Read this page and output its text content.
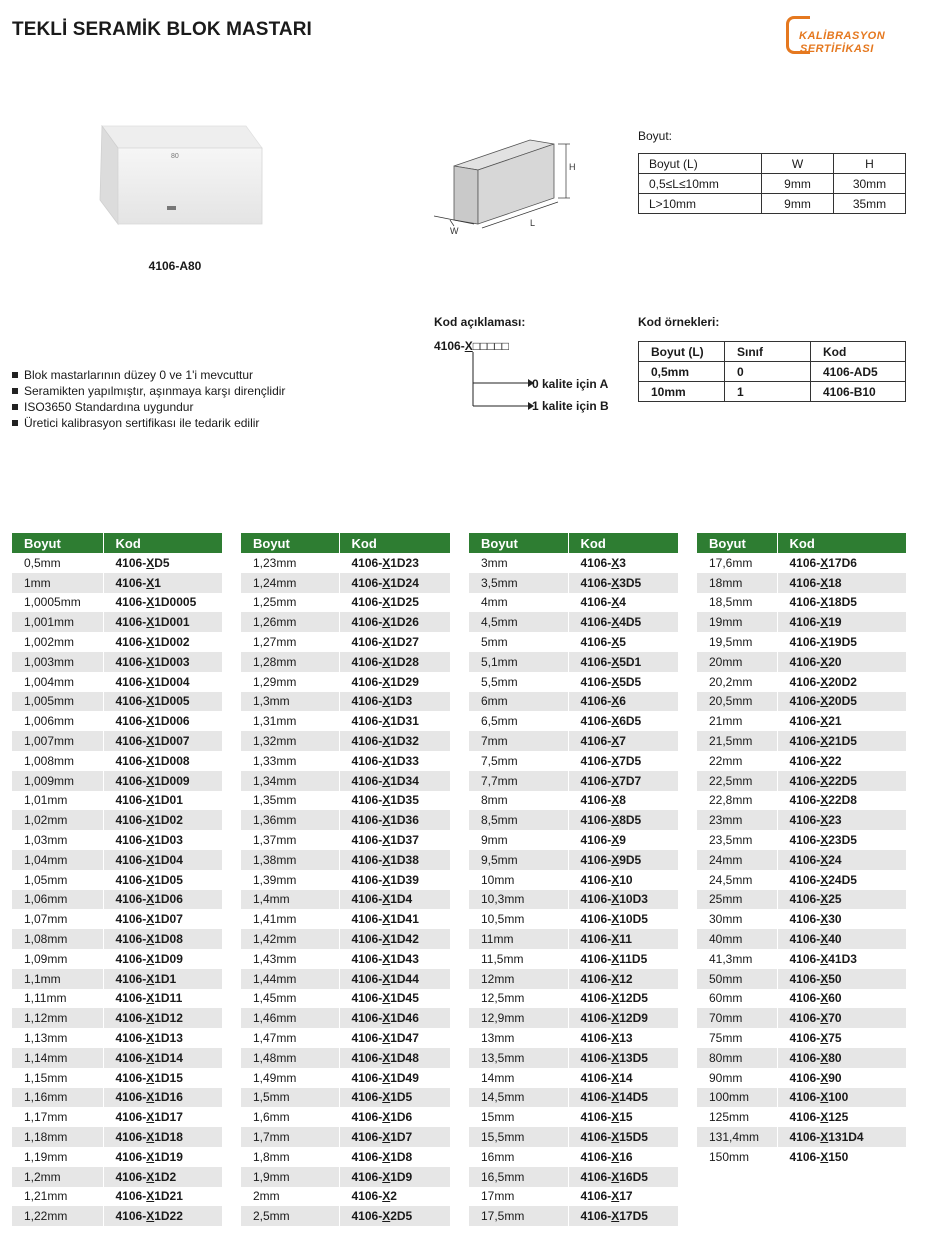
TEKLİ SERAMİK BLOK MASTARI	KALİBRASYON
SERTİFİKASI
80
4106-A80
H
L
W
Boyut:
Boyut (L)	W	H
0,5≤L≤10mm	9mm	30mm
L>10mm	9mm	35mm
Kod açıklaması:
4106-X□□□□□
0 kalite için A
1 kalite için B
Kod örnekleri:
Boyut (L)	Sınıf	Kod
0,5mm	0	4106-AD5
10mm	1	4106-B10
Blok mastarlarının düzey 0 ve 1'i mevcuttur
Seramikten yapılmıştır, aşınmaya karşı dirençlidir
ISO3650 Standardına uygundur
Üretici kalibrasyon sertifikası ile tedarik edilir
Boyut	Kod
0,5mm	4106-XD5
1mm	4106-X1
1,0005mm	4106-X1D0005
1,001mm	4106-X1D001
1,002mm	4106-X1D002
1,003mm	4106-X1D003
1,004mm	4106-X1D004
1,005mm	4106-X1D005
1,006mm	4106-X1D006
1,007mm	4106-X1D007
1,008mm	4106-X1D008
1,009mm	4106-X1D009
1,01mm	4106-X1D01
1,02mm	4106-X1D02
1,03mm	4106-X1D03
1,04mm	4106-X1D04
1,05mm	4106-X1D05
1,06mm	4106-X1D06
1,07mm	4106-X1D07
1,08mm	4106-X1D08
1,09mm	4106-X1D09
1,1mm	4106-X1D1
1,11mm	4106-X1D11
1,12mm	4106-X1D12
1,13mm	4106-X1D13
1,14mm	4106-X1D14
1,15mm	4106-X1D15
1,16mm	4106-X1D16
1,17mm	4106-X1D17
1,18mm	4106-X1D18
1,19mm	4106-X1D19
1,2mm	4106-X1D2
1,21mm	4106-X1D21
1,22mm	4106-X1D22
Boyut	Kod
1,23mm	4106-X1D23
1,24mm	4106-X1D24
1,25mm	4106-X1D25
1,26mm	4106-X1D26
1,27mm	4106-X1D27
1,28mm	4106-X1D28
1,29mm	4106-X1D29
1,3mm	4106-X1D3
1,31mm	4106-X1D31
1,32mm	4106-X1D32
1,33mm	4106-X1D33
1,34mm	4106-X1D34
1,35mm	4106-X1D35
1,36mm	4106-X1D36
1,37mm	4106-X1D37
1,38mm	4106-X1D38
1,39mm	4106-X1D39
1,4mm	4106-X1D4
1,41mm	4106-X1D41
1,42mm	4106-X1D42
1,43mm	4106-X1D43
1,44mm	4106-X1D44
1,45mm	4106-X1D45
1,46mm	4106-X1D46
1,47mm	4106-X1D47
1,48mm	4106-X1D48
1,49mm	4106-X1D49
1,5mm	4106-X1D5
1,6mm	4106-X1D6
1,7mm	4106-X1D7
1,8mm	4106-X1D8
1,9mm	4106-X1D9
2mm	4106-X2
2,5mm	4106-X2D5
Boyut	Kod
3mm	4106-X3
3,5mm	4106-X3D5
4mm	4106-X4
4,5mm	4106-X4D5
5mm	4106-X5
5,1mm	4106-X5D1
5,5mm	4106-X5D5
6mm	4106-X6
6,5mm	4106-X6D5
7mm	4106-X7
7,5mm	4106-X7D5
7,7mm	4106-X7D7
8mm	4106-X8
8,5mm	4106-X8D5
9mm	4106-X9
9,5mm	4106-X9D5
10mm	4106-X10
10,3mm	4106-X10D3
10,5mm	4106-X10D5
11mm	4106-X11
11,5mm	4106-X11D5
12mm	4106-X12
12,5mm	4106-X12D5
12,9mm	4106-X12D9
13mm	4106-X13
13,5mm	4106-X13D5
14mm	4106-X14
14,5mm	4106-X14D5
15mm	4106-X15
15,5mm	4106-X15D5
16mm	4106-X16
16,5mm	4106-X16D5
17mm	4106-X17
17,5mm	4106-X17D5
Boyut	Kod
17,6mm	4106-X17D6
18mm	4106-X18
18,5mm	4106-X18D5
19mm	4106-X19
19,5mm	4106-X19D5
20mm	4106-X20
20,2mm	4106-X20D2
20,5mm	4106-X20D5
21mm	4106-X21
21,5mm	4106-X21D5
22mm	4106-X22
22,5mm	4106-X22D5
22,8mm	4106-X22D8
23mm	4106-X23
23,5mm	4106-X23D5
24mm	4106-X24
24,5mm	4106-X24D5
25mm	4106-X25
30mm	4106-X30
40mm	4106-X40
41,3mm	4106-X41D3
50mm	4106-X50
60mm	4106-X60
70mm	4106-X70
75mm	4106-X75
80mm	4106-X80
90mm	4106-X90
100mm	4106-X100
125mm	4106-X125
131,4mm	4106-X131D4
150mm	4106-X150
